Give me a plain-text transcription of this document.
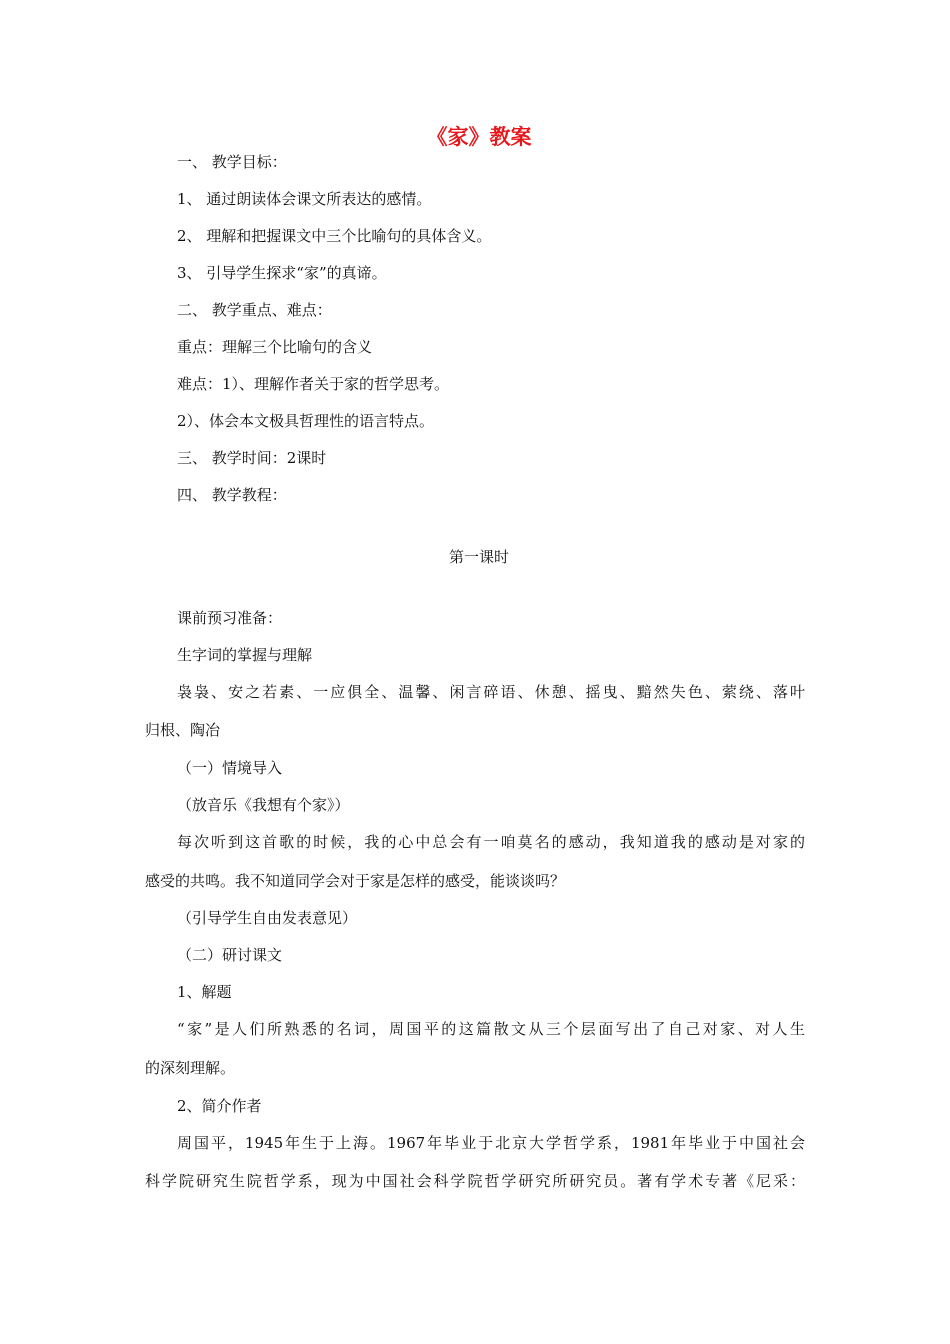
《家》教案
一、 教学目标：
1、 通过朗读体会课文所表达的感情。
2、 理解和把握课文中三个比喻句的具体含义。
3、 引导学生探求“家”的真谛。
二、 教学重点、难点：
重点：理解三个比喻句的含义
难点：1）、理解作者关于家的哲学思考。
2）、体会本文极具哲理性的语言特点。
三、 教学时间：2课时
四、 教学教程：
第一课时
课前预习准备：
生字词的掌握与理解
袅袅、安之若素、一应俱全、温馨、闲言碎语、休憩、摇曳、黯然失色、萦绕、落叶
归根、陶冶
（一）情境导入
（放音乐《我想有个家》）
每次听到这首歌的时候，我的心中总会有一咱莫名的感动，我知道我的感动是对家的
感受的共鸣。我不知道同学会对于家是怎样的感受，能谈谈吗？
（引导学生自由发表意见）
（二）研讨课文
1、解题
“家”是人们所熟悉的名词，周国平的这篇散文从三个层面写出了自己对家、对人生
的深刻理解。
2、简介作者
周国平，1945年生于上海。1967年毕业于北京大学哲学系，1981年毕业于中国社会
科学院研究生院哲学系，现为中国社会科学院哲学研究所研究员。著有学术专著《尼采：
